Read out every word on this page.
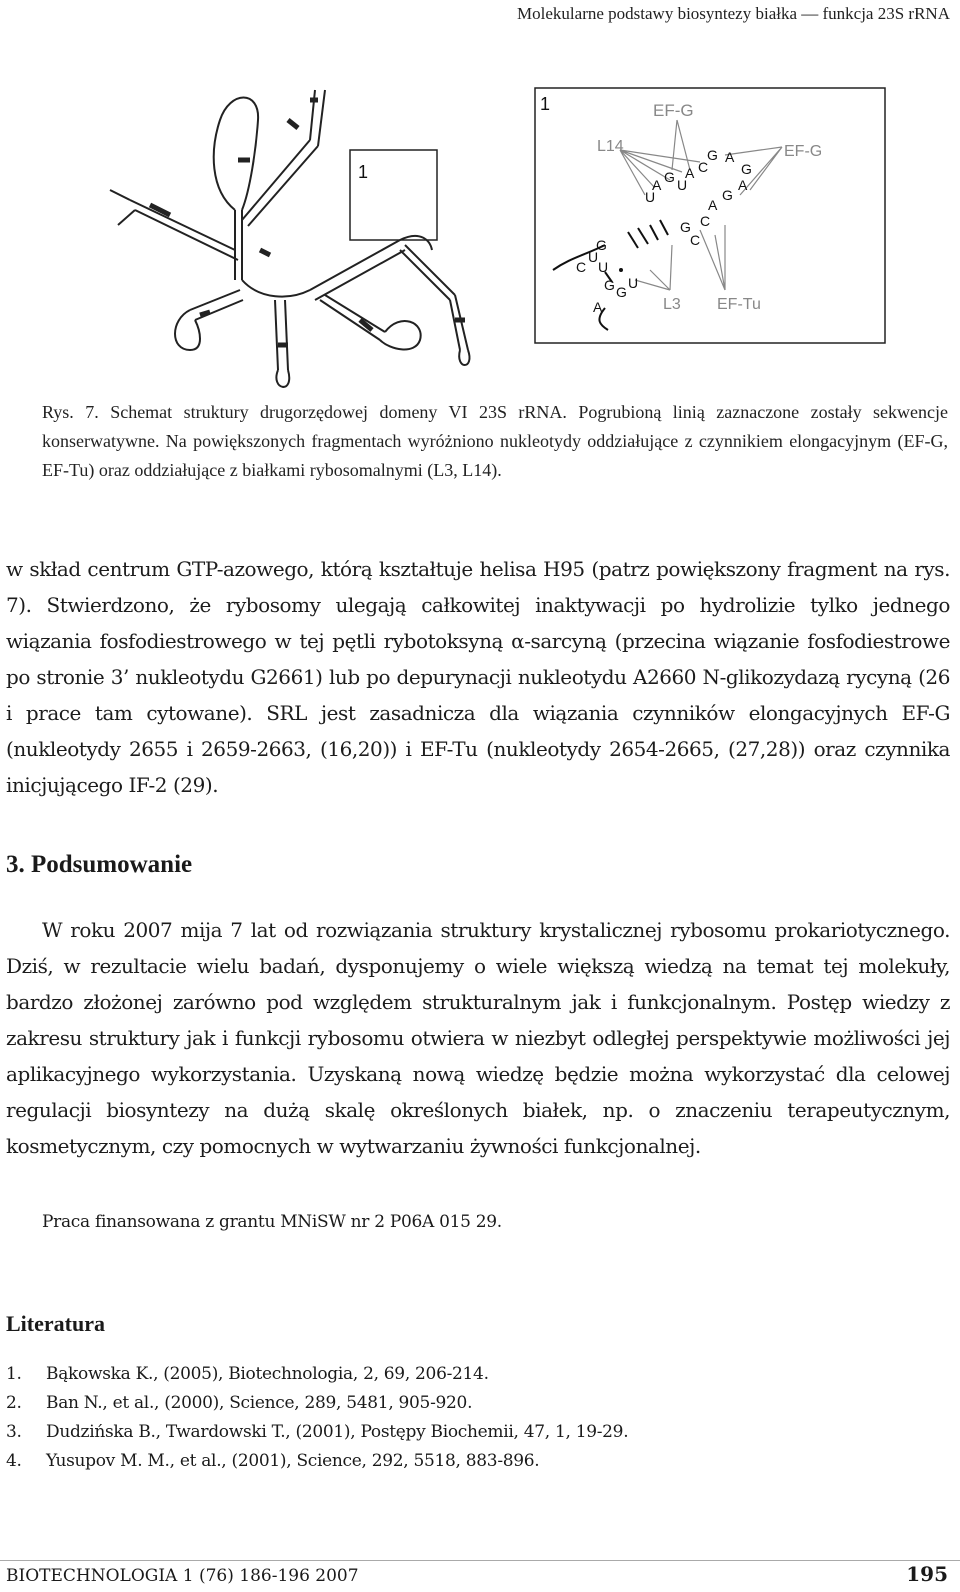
Molekularne podstawy biosyntezy białka — funkcja 23S rRNA
1
1	EF-G
L14	EF-G
L3 EF-Tu
U
A G U
A C
G A
G
A
G
A
C
G
C
G
U
C U
G
G U
A
Rys. 7. Schemat struktury drugorzędowej domeny VI 23S rRNA. Pogrubioną linią zaznaczone zostały sekwencje konserwatywne. Na powiększonych fragmentach wyróżniono nukleotydy oddziałujące z czynnikiem elongacyjnym (EF-G, EF-Tu) oraz oddziałujące z białkami rybosomalnymi (L3, L14).
w skład centrum GTP-azowego, którą kształtuje helisa H95 (patrz powiększony fragment na rys. 7). Stwierdzono, że rybosomy ulegają całkowitej inaktywacji po hydrolizie tylko jednego wiązania fosfodiestrowego w tej pętli rybotoksyną α-sarcyną (przecina wiązanie fosfodiestrowe po stronie 3’ nukleotydu G2661) lub po depurynacji nukleotydu A2660 N-glikozydazą rycyną (26 i prace tam cytowane). SRL jest zasadnicza dla wiązania czynników elongacyjnych EF-G (nukleotydy 2655 i 2659-2663, (16,20)) i EF-Tu (nukleotydy 2654-2665, (27,28)) oraz czynnika inicjującego IF-2 (29).
3. Podsumowanie
W roku 2007 mija 7 lat od rozwiązania struktury krystalicznej rybosomu prokariotycznego. Dziś, w rezultacie wielu badań, dysponujemy o wiele większą wiedzą na temat tej molekuły, bardzo złożonej zarówno pod względem strukturalnym jak i funkcjonalnym. Postęp wiedzy z zakresu struktury jak i funkcji rybosomu otwiera w niezbyt odległej perspektywie możliwości jej aplikacyjnego wykorzystania. Uzyskaną nową wiedzę będzie można wykorzystać dla celowej regulacji biosyntezy na dużą skalę określonych białek, np. o znaczeniu terapeutycznym, kosmetycznym, czy pomocnych w wytwarzaniu żywności funkcjonalnej.
Praca finansowana z grantu MNiSW nr 2 P06A 015 29.
Literatura
1. Bąkowska K., (2005), Biotechnologia, 2, 69, 206-214.
2. Ban N., et al., (2000), Science, 289, 5481, 905-920.
3. Dudzińska B., Twardowski T., (2001), Postępy Biochemii, 47, 1, 19-29.
4. Yusupov M. M., et al., (2001), Science, 292, 5518, 883-896.
BIOTECHNOLOGIA 1 (76) 186-196 2007	195
